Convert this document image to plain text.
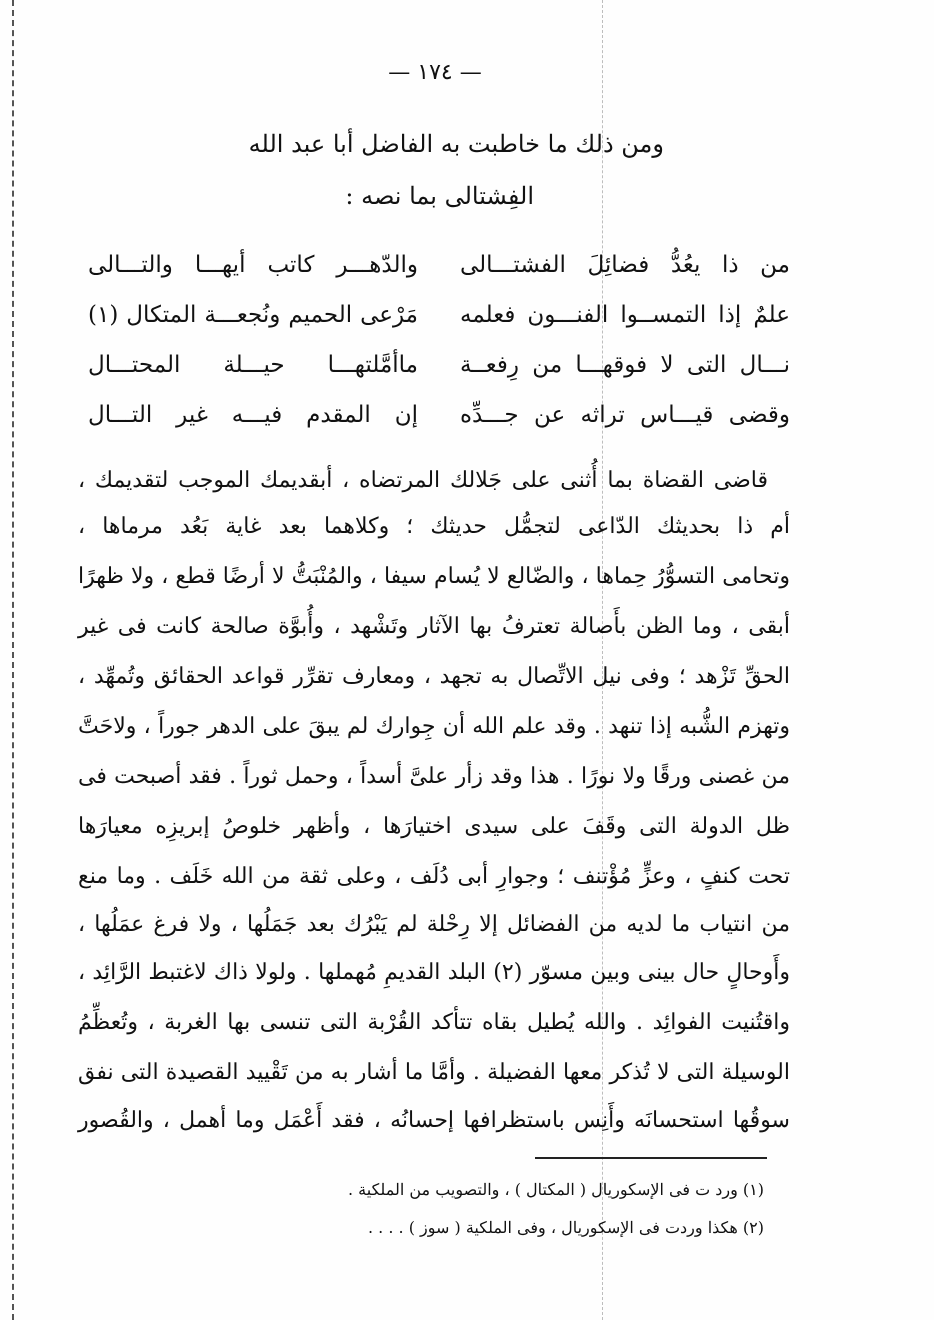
— ١٧٤ —
ومن ذلك ما خاطبت به الفاضل أبا عبد الله
الفِشتالى بما نصه :
من ذا يعُدُّ فضائِلَ الفشتـــالى
والدّهـــر كاتب أيهـــا والتـــالى
علمٌ إذا التمســوا الفنـــون فعلمه
مَرْعى الحميم ونُجعـــة المتكال (١)
نـــال التى لا فوقهـــا من رِفعــة
ماأمَّلتهـــا حيـــلة المحتـــال
وقضى قيـــاس تراثه عن جـــدِّه
إن المقدم فيـــه غير التـــال
قاضى القضاة بما أُثنى على جَلالك المرتضاه ، أبقديمك الموجب لتقديمك ،
أم ذا بحديثك الدّاعى لتجمُّل حديثك ؛ وكلاهما بعد غاية بَعُد مرماها ،
وتحامى التسوُّرُ حِماها ، والضّالع لا يُسام سيفا ، والمُنْبَتُّ لا أرضًا قطع ، ولا ظهرًا
أبقى ، وما الظن بأَصالة تعترفُ بها الآثار وتَشْهد ، وأُبوَّة صالحة كانت فى غير
الحقِّ تَزْهد ؛ وفى نيل الاتِّصال به تجهد ، ومعارف تقرِّر قواعد الحقائق وتُمهِّد ،
وتهزم الشُّبه إذا تنهد . وقد علم الله أن جِوارك لم يبقَ على الدهر جوراً ، ولاحَتَّ
من غصنى ورقًا ولا نورًا . هذا وقد زأر علىَّ أسداً ، وحمل ثوراً . فقد أصبحت فى
ظل الدولة التى وقَفَ على سيدى اختيارَها ، وأظهر خلوصُ إبريزِه معيارَها
تحت كنفٍ ، وعزٍّ مُؤْتنف ؛ وجوارِ أبى دُلَف ، وعلى ثقة من الله خَلَف . وما منع
من انتياب ما لديه من الفضائل إلا رِحْلة لم يَبْرُك بعد جَمَلُها ، ولا فرغ عمَلُها ،
وأَوحالٍ حال بينى وبين مسوّر (٢) البلد القديمِ مُهملها . ولولا ذاك لاغتبط الرَّائِد ،
واقتُنيت الفوائِد . والله يُطيل بقاه تتأكد القُرْبة التى تنسى بها الغربة ، وتُعظِّمُ
الوسيلة التى لا تُذكر معها الفضيلة . وأمَّا ما أشار به من تَقْييد القصيدة التى نفق
سوقُها استحسانَه وأَنِس باستظرافها إحسانُه ، فقد أَعْمَل وما أهمل ، والقُصور
(١) ورد ت فى الإسكوريال ( المكتال ) ، والتصويب من الملكية .
(٢) هكذا وردت فى الإسكوريال ، وفى الملكية ( سوز ) . . . .
